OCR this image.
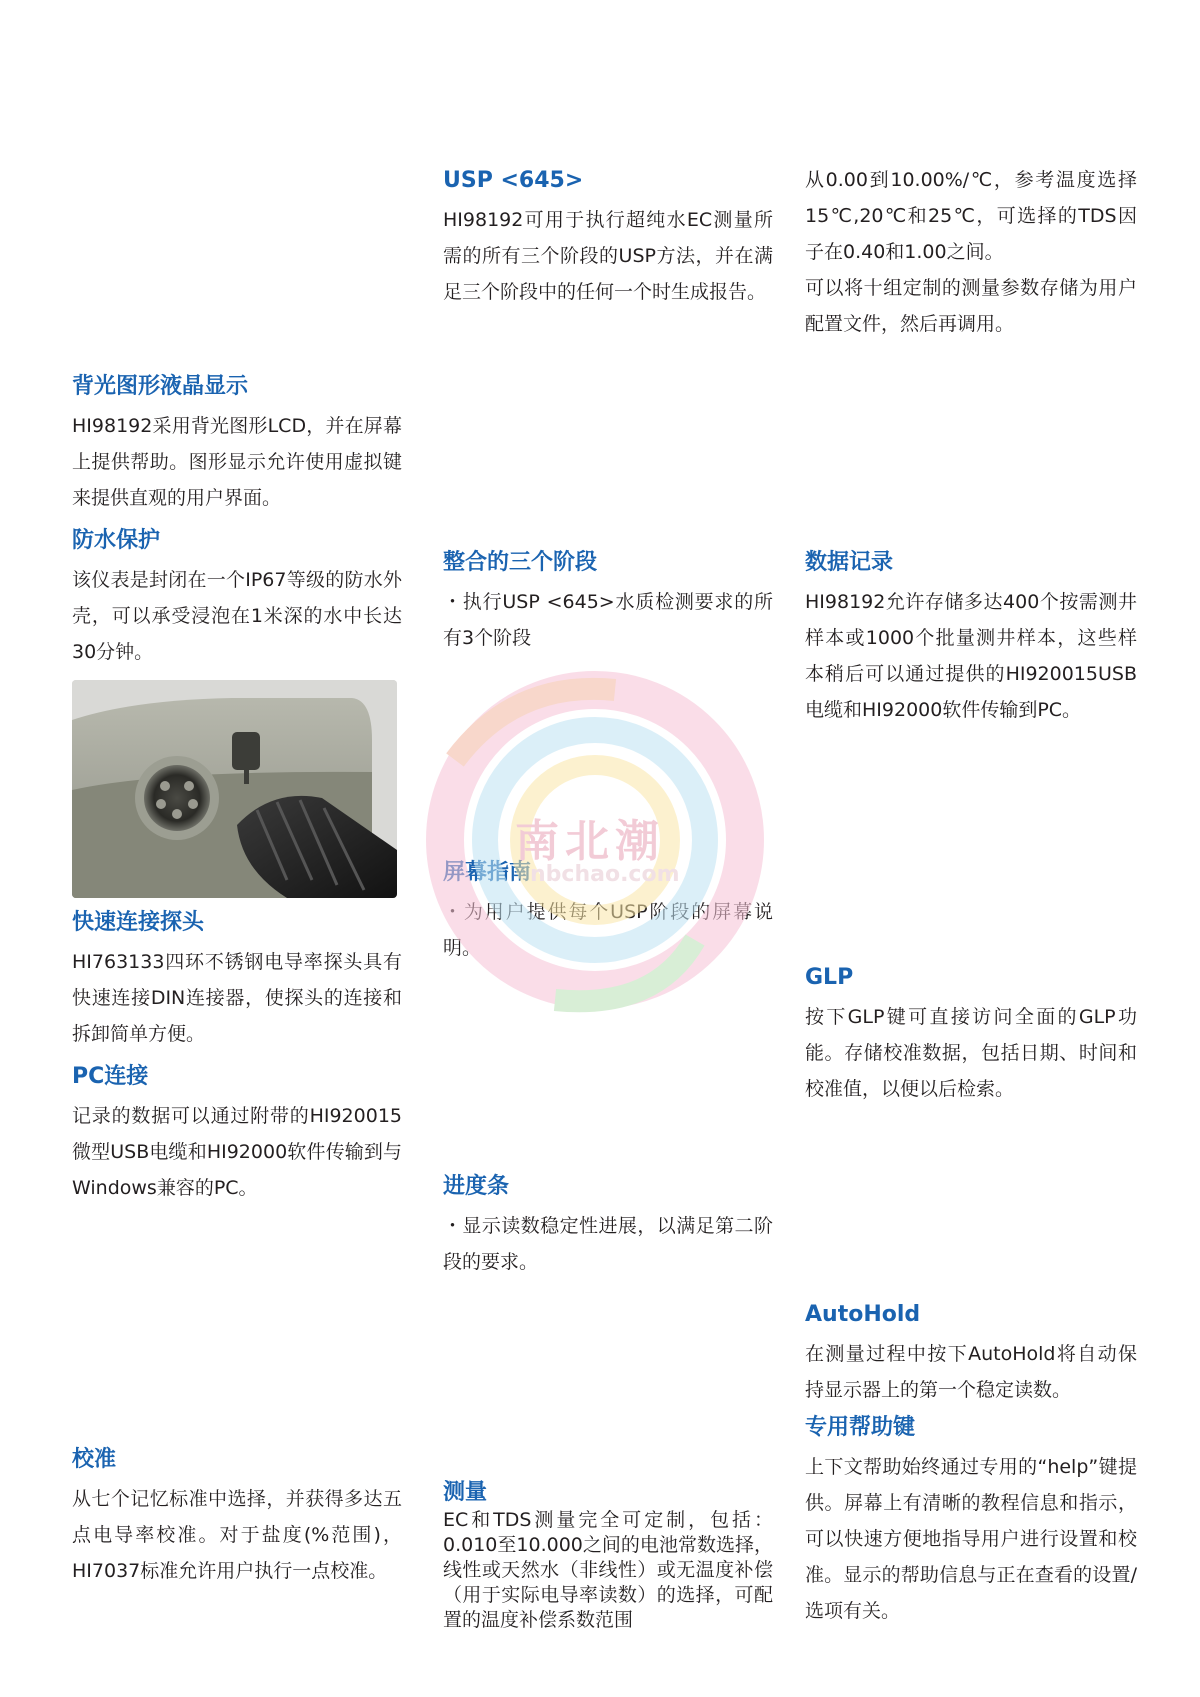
USP <645>

HI98192可用于执行超纯水EC测量所需的所有三个阶段的USP方法，并在满足三个阶段中的任何一个时生成报告。

从0.00到10.00%/℃，参考温度选择15℃,20℃和25℃，可选择的TDS因子在0.40和1.00之间。

可以将十组定制的测量参数存储为用户配置文件，然后再调用。

背光图形液晶显示

HI98192采用背光图形LCD，并在屏幕上提供帮助。图形显示允许使用虚拟键来提供直观的用户界面。

防水保护

该仪表是封闭在一个IP67等级的防水外壳，可以承受浸泡在1米深的水中长达30分钟。

快速连接探头

HI763133四环不锈钢电导率探头具有快速连接DIN连接器，使探头的连接和拆卸简单方便。

PC连接

记录的数据可以通过附带的HI920015微型USB电缆和HI92000软件传输到与Windows兼容的PC。

校准

从七个记忆标准中选择，并获得多达五点电导率校准。对于盐度(%范围)，HI7037标准允许用户执行一点校准。

整合的三个阶段

・执行USP <645>水质检测要求的所有3个阶段

屏幕指南

・为用户提供每个USP阶段的屏幕说明。

进度条

・显示读数稳定性进展，以满足第二阶段的要求。

测量

EC和TDS测量完全可定制，包括：0.010至10.000之间的电池常数选择，线性或天然水（非线性）或无温度补偿（用于实际电导率读数）的选择，可配置的温度补偿系数范围

数据记录

HI98192允许存储多达400个按需测井样本或1000个批量测井样本，这些样本稍后可以通过提供的HI920015USB电缆和HI92000软件传输到PC。

GLP

按下GLP键可直接访问全面的GLP功能。存储校准数据，包括日期、时间和校准值，以便以后检索。

AutoHold

在测量过程中按下AutoHold将自动保持显示器上的第一个稳定读数。

专用帮助键

上下文帮助始终通过专用的“help”键提供。屏幕上有清晰的教程信息和指示，可以快速方便地指导用户进行设置和校准。显示的帮助信息与正在查看的设置/选项有关。

南北潮
nbchao.com
